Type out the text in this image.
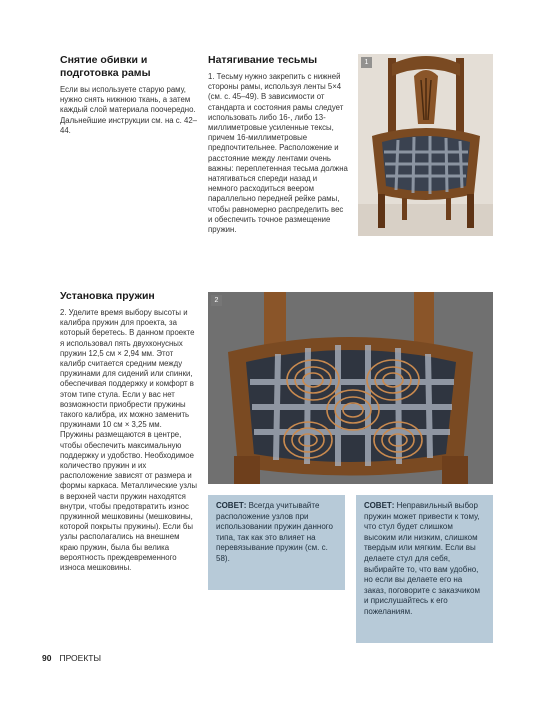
Снятие обивки и подготовка рамы

Если вы используете старую раму, нужно снять нижнюю ткань, а затем каждый слой материала поочередно. Дальнейшие инструкции см. на с. 42–44.

Натягивание тесьмы

1. Тесьму нужно закрепить с нижней стороны рамы, используя ленты 5×4 (см. с. 45–49). В зависимости от стандарта и состояния рамы следует использовать либо 16-, либо 13-миллиметровые усиленные тексы, причем 16-миллиметровые предпочтительнее. Расположение и расстояние между лентами очень важны: переплетенная тесьма должна натягиваться спереди назад и немного расходиться веером параллельно передней рейке рамы, чтобы равномерно распределить вес и обеспечить точное размещение пружин.

Установка пружин

2. Уделите время выбору высоты и калибра пружин для проекта, за который беретесь. В данном проекте я использовал пять двухконусных пружин 12,5 см × 2,94 мм. Этот калибр считается средним между пружинами для сидений или спинки, обеспечивая поддержку и комфорт в этом типе стула. Если у вас нет возможности приобрести пружины такого калибра, их можно заменить пружинами 10 см × 3,25 мм.

Пружины размещаются в центре, чтобы обеспечить максимальную поддержку и удобство. Необходимое количество пружин и их расположение зависят от размера и формы каркаса. Металлические узлы в верхней части пружин находятся внутри, чтобы предотвратить износ пружинной мешковины (мешковины, которой покрыты пружины). Если бы узлы располагались на внешнем краю пружин, была бы велика вероятность преждевременного износа мешковины.

1
2
СОВЕТ: Всегда учитывайте расположение узлов при использовании пружин данного типа, так как это влияет на перевязывание пружин (см. с. 58).
СОВЕТ: Неправильный выбор пружин может привести к тому, что стул будет слишком высоким или низким, слишком твердым или мягким. Если вы делаете стул для себя, выбирайте то, что вам удобно, но если вы делаете его на заказ, поговорите с заказчиком и прислушайтесь к его пожеланиям.
90 ПРОЕКТЫ
